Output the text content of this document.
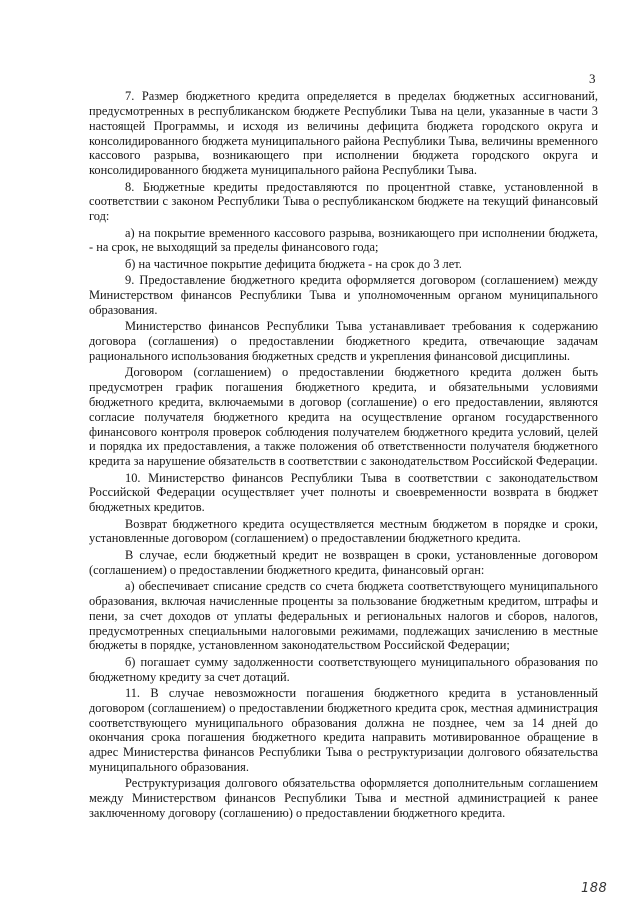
3

7. Размер бюджетного кредита определяется в пределах бюджетных ассигнований, предусмотренных в республиканском бюджете Республики Тыва на цели, указанные в части 3 настоящей Программы, и исходя из величины дефицита бюджета городского округа и консолидированного бюджета муниципального района Республики Тыва, величины временного кассового разрыва, возникающего при исполнении бюджета городского округа и консолидированного бюджета муниципального района Республики Тыва.

8. Бюджетные кредиты предоставляются по процентной ставке, установленной в соответствии с законом Республики Тыва о республиканском бюджете на текущий финансовый год:

а) на покрытие временного кассового разрыва, возникающего при исполнении бюджета, - на срок, не выходящий за пределы финансового года;

б) на частичное покрытие дефицита бюджета - на срок до 3 лет.

9. Предоставление бюджетного кредита оформляется договором (соглашением) между Министерством финансов Республики Тыва и уполномоченным органом муниципального образования.

Министерство финансов Республики Тыва устанавливает требования к содержанию договора (соглашения) о предоставлении бюджетного кредита, отвечающие задачам рационального использования бюджетных средств и укрепления финансовой дисциплины.

Договором (соглашением) о предоставлении бюджетного кредита должен быть предусмотрен график погашения бюджетного кредита, и обязательными условиями бюджетного кредита, включаемыми в договор (соглашение) о его предоставлении, являются согласие получателя бюджетного кредита на осуществление органом государственного финансового контроля проверок соблюдения получателем бюджетного кредита условий, целей и порядка их предоставления, а также положения об ответственности получателя бюджетного кредита за нарушение обязательств в соответствии с законодательством Российской Федерации.

10. Министерство финансов Республики Тыва в соответствии с законодательством Российской Федерации осуществляет учет полноты и своевременности возврата в бюджет бюджетных кредитов.

Возврат бюджетного кредита осуществляется местным бюджетом в порядке и сроки, установленные договором (соглашением) о предоставлении бюджетного кредита.

В случае, если бюджетный кредит не возвращен в сроки, установленные договором (соглашением) о предоставлении бюджетного кредита, финансовый орган:

а) обеспечивает списание средств со счета бюджета соответствующего муниципального образования, включая начисленные проценты за пользование бюджетным кредитом, штрафы и пени, за счет доходов от уплаты федеральных и региональных налогов и сборов, налогов, предусмотренных специальными налоговыми режимами, подлежащих зачислению в местные бюджеты в порядке, установленном законодательством Российской Федерации;

б) погашает сумму задолженности соответствующего муниципального образования по бюджетному кредиту за счет дотаций.

11. В случае невозможности погашения бюджетного кредита в установленный договором (соглашением) о предоставлении бюджетного кредита срок, местная администрация соответствующего муниципального образования должна не позднее, чем за 14 дней до окончания срока погашения бюджетного кредита направить мотивированное обращение в адрес Министерства финансов Республики Тыва о реструктуризации долгового обязательства муниципального образования.

Реструктуризация долгового обязательства оформляется дополнительным соглашением между Министерством финансов Республики Тыва и местной администрацией к ранее заключенному договору (соглашению) о предоставлении бюджетного кредита.

188
